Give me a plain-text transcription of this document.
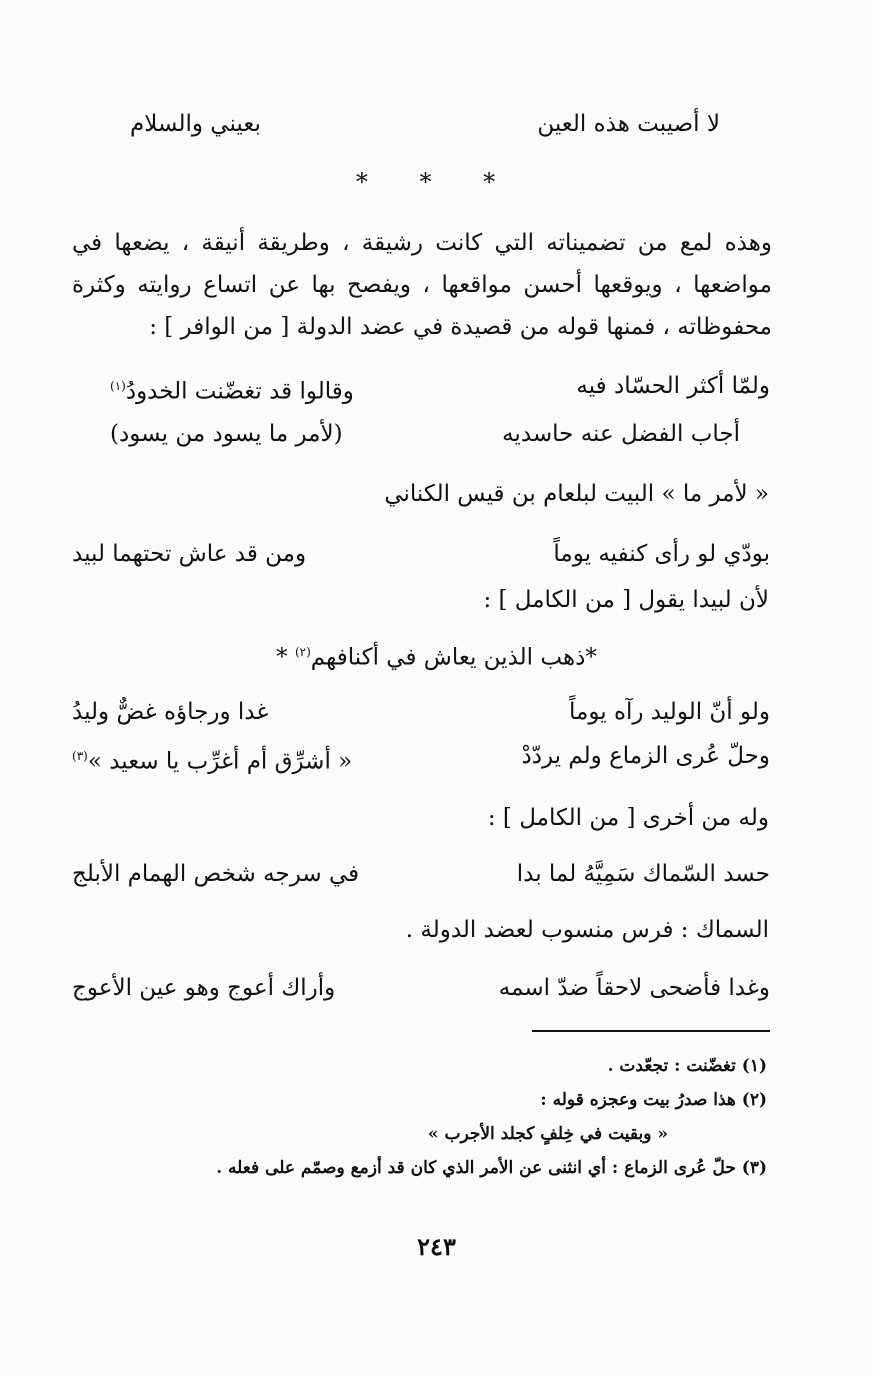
لا أصيبت هذه العين
بعيني والسلام
* * *
وهذه لمع من تضميناته التي كانت رشيقة ، وطريقة أنيقة ، يضعها في مواضعها ، ويوقعها أحسن مواقعها ، ويفصح بها عن اتساع روايته وكثرة محفوظاته ، فمنها قوله من قصيدة في عضد الدولة [ من الوافر ] :
ولمّا أكثر الحسّاد فيه
وقالوا قد تغضّنت الخدودُ$^{(١)}$
أجاب الفضل عنه حاسديه
(لأمر ما يسود من يسود)
« لأمر ما » البيت لبلعام بن قيس الكناني
بودّي لو رأى كنفيه يوماً
ومن قد عاش تحتهما لبيد
لأن لبيدا يقول [ من الكامل ] :
*ذهب الذين يعاش في أكنافهم$^{(٢)}$ *
ولو أنّ الوليد رآه يوماً
غدا ورجاؤه غضٌّ وليدُ
وحلّ عُرى الزماع ولم يردّدْ
« أشرِّق أم أغرِّب يا سعيد »$^{(٣)}$
وله من أخرى [ من الكامل ] :
حسد السّماك سَمِيَّهُ لما بدا
في سرجه شخص الهمام الأبلج
السماك : فرس منسوب لعضد الدولة .
وغدا فأضحى لاحقاً ضدّ اسمه
وأراك أعوج وهو عين الأعوج
(١) تغضّنت : تجعّدت .
(٢) هذا صدرُ بيت وعجزه قوله :
« وبقيت في خِلفٍ كجلد الأجرب »
(٣) حلّ عُرى الزماع : أي انثنى عن الأمر الذي كان قد أزمع وصمّم على فعله .
٢٤٣
